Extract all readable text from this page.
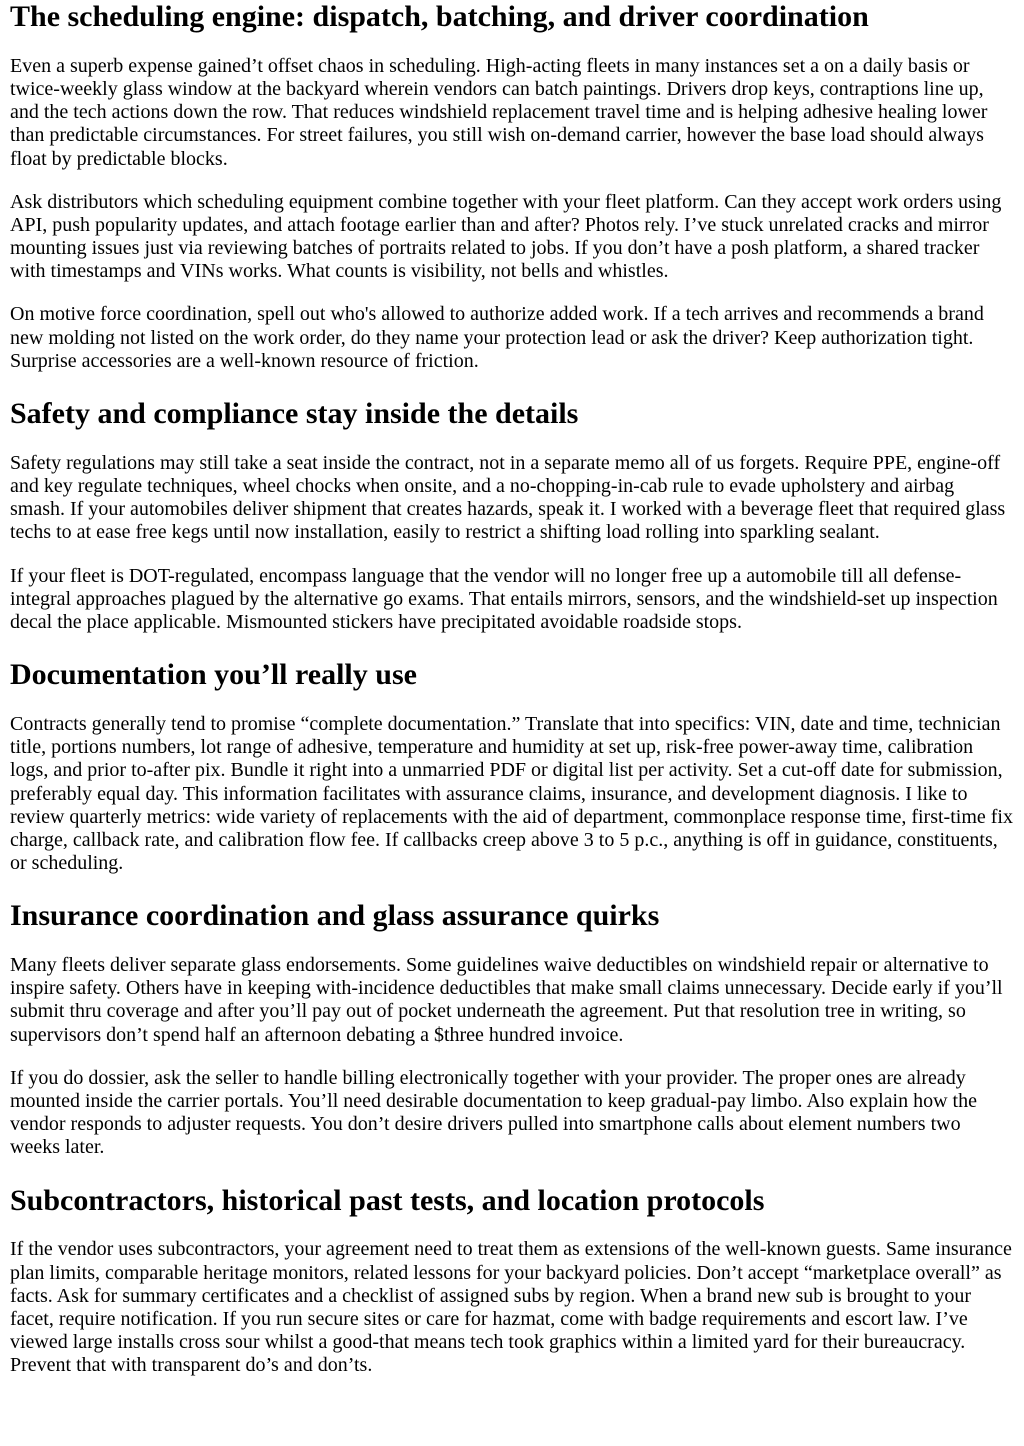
The scheduling engine: dispatch, batching, and driver coordination

Even a superb expense gained’t offset chaos in scheduling. High-acting fleets in many instances set a on a daily basis or twice-weekly glass window at the backyard wherein vendors can batch paintings. Drivers drop keys, contraptions line up, and the tech actions down the row. That reduces windshield replacement travel time and is helping adhesive healing lower than predictable circumstances. For street failures, you still wish on-demand carrier, however the base load should always float by predictable blocks.

Ask distributors which scheduling equipment combine together with your fleet platform. Can they accept work orders using API, push popularity updates, and attach footage earlier than and after? Photos rely. I’ve stuck unrelated cracks and mirror mounting issues just via reviewing batches of portraits related to jobs. If you don’t have a posh platform, a shared tracker with timestamps and VINs works. What counts is visibility, not bells and whistles.

On motive force coordination, spell out who's allowed to authorize added work. If a tech arrives and recommends a brand new molding not listed on the work order, do they name your protection lead or ask the driver? Keep authorization tight. Surprise accessories are a well-known resource of friction.

Safety and compliance stay inside the details

Safety regulations may still take a seat inside the contract, not in a separate memo all of us forgets. Require PPE, engine-off and key regulate techniques, wheel chocks when onsite, and a no-chopping-in-cab rule to evade upholstery and airbag smash. If your automobiles deliver shipment that creates hazards, speak it. I worked with a beverage fleet that required glass techs to at ease free kegs until now installation, easily to restrict a shifting load rolling into sparkling sealant.

If your fleet is DOT-regulated, encompass language that the vendor will no longer free up a automobile till all defense-integral approaches plagued by the alternative go exams. That entails mirrors, sensors, and the windshield-set up inspection decal the place applicable. Mismounted stickers have precipitated avoidable roadside stops.

Documentation you’ll really use

Contracts generally tend to promise “complete documentation.” Translate that into specifics: VIN, date and time, technician title, portions numbers, lot range of adhesive, temperature and humidity at set up, risk-free power-away time, calibration logs, and prior to-after pix. Bundle it right into a unmarried PDF or digital list per activity. Set a cut-off date for submission, preferably equal day. This information facilitates with assurance claims, insurance, and development diagnosis. I like to review quarterly metrics: wide variety of replacements with the aid of department, commonplace response time, first-time fix charge, callback rate, and calibration flow fee. If callbacks creep above 3 to 5 p.c., anything is off in guidance, constituents, or scheduling.

Insurance coordination and glass assurance quirks

Many fleets deliver separate glass endorsements. Some guidelines waive deductibles on windshield repair or alternative to inspire safety. Others have in keeping with-incidence deductibles that make small claims unnecessary. Decide early if you’ll submit thru coverage and after you’ll pay out of pocket underneath the agreement. Put that resolution tree in writing, so supervisors don’t spend half an afternoon debating a $three hundred invoice.

If you do dossier, ask the seller to handle billing electronically together with your provider. The proper ones are already mounted inside the carrier portals. You’ll need desirable documentation to keep gradual-pay limbo. Also explain how the vendor responds to adjuster requests. You don’t desire drivers pulled into smartphone calls about element numbers two weeks later.

Subcontractors, historical past tests, and location protocols

If the vendor uses subcontractors, your agreement need to treat them as extensions of the well-known guests. Same insurance plan limits, comparable heritage monitors, related lessons for your backyard policies. Don’t accept “marketplace overall” as facts. Ask for summary certificates and a checklist of assigned subs by region. When a brand new sub is brought to your facet, require notification. If you run secure sites or care for hazmat, come with badge requirements and escort law. I’ve viewed large installs cross sour whilst a good-that means tech took graphics within a limited yard for their bureaucracy. Prevent that with transparent do’s and don’ts.
